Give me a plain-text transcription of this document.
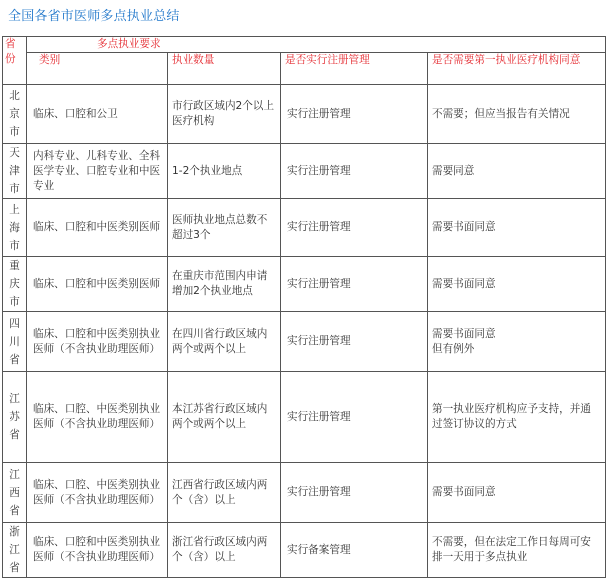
全国各省市医师多点执业总结
省份	多点执业要求			
	类别	执业数量	是否实行注册管理	是否需要第一执业医疗机构同意
北京市	临床、口腔和公卫	市行政区域内2个以上医疗机构	实行注册管理	不需要；但应当报告有关情况
天津市	内科专业、儿科专业、全科医学专业、口腔专业和中医专业	1-2个执业地点	实行注册管理	需要同意
上海市	临床、口腔和中医类别医师	医师执业地点总数不超过3个	实行注册管理	需要书面同意
重庆市	临床、口腔和中医类别医师	在重庆市范围内申请增加2个执业地点	实行注册管理	需要书面同意
四川省	临床、口腔和中医类别执业医师（不含执业助理医师）	在四川省行政区域内两个或两个以上	实行注册管理	需要书面同意
但有例外
江苏省	临床、口腔、中医类别执业医师（不含执业助理医师）	本江苏省行政区域内两个或两个以上	实行注册管理	第一执业医疗机构应予支持，并通过签订协议的方式
江西省	临床、口腔、中医类别执业医师（不含执业助理医师）	江西省行政区域内两个（含）以上	实行注册管理	需要书面同意
浙江省	临床、口腔和中医类别执业医师（不含执业助理医师）	浙江省行政区域内两个（含）以上	实行备案管理	不需要，但在法定工作日每周可安排一天用于多点执业
